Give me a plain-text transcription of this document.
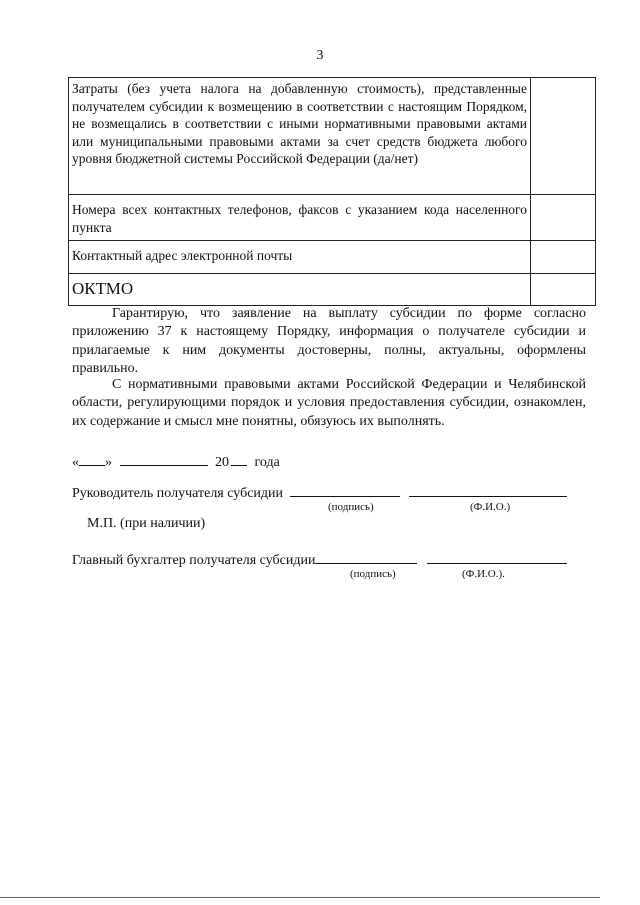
3
Затраты (без учета налога на добавленную стоимость), представленные получателем субсидии к возмещению в соответствии с настоящим Порядком, не возмещались в соответствии с иными нормативными правовыми актами или муниципальными правовыми актами за счет средств бюджета любого уровня бюджетной системы Российской Федерации (да/нет)	
Номера всех контактных телефонов, факсов с указанием кода населенного пункта	
Контактный адрес электронной почты	
ОКТМО	

Гарантирую, что заявление на выплату субсидии по форме согласно приложению 37 к настоящему Порядку, информация о получателе субсидии и прилагаемые к ним документы достоверны, полны, актуальны, оформлены правильно.

С нормативными правовыми актами Российской Федерации и Челябинской области, регулирующими порядок и условия предоставления субсидии, ознакомлен, их содержание и смысл мне понятны, обязуюсь их выполнять.

« »	20 года
Руководитель получателя субсидии
(подпись)	(Ф.И.О.)
М.П. (при наличии)
Главный бухгалтер получателя субсидии
(подпись)	(Ф.И.О.).
